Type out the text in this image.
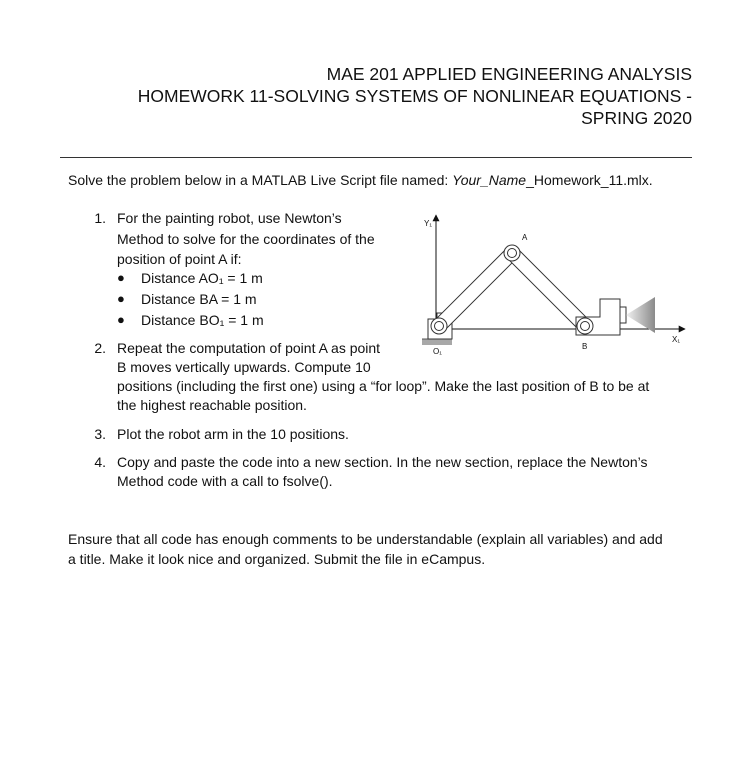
MAE 201 APPLIED ENGINEERING ANALYSIS
HOMEWORK 11-SOLVING SYSTEMS OF NONLINEAR EQUATIONS -
SPRING 2020
Solve the problem below in a MATLAB Live Script file named: Your_Name_Homework_11.mlx.
1. For the painting robot, use Newton’s
Method to solve for the coordinates of the
position of point A if:
● Distance AO₁ = 1 m
● Distance BA = 1 m
● Distance BO₁ = 1 m
2. Repeat the computation of point A as point
B moves vertically upwards. Compute 10
positions (including the first one) using a “for loop”. Make the last position of B to be at
the highest reachable position.
3. Plot the robot arm in the 10 positions.
4. Copy and paste the code into a new section. In the new section, replace the Newton’s
Method code with a call to fsolve().
Ensure that all code has enough comments to be understandable (explain all variables) and add
a title. Make it look nice and organized. Submit the file in eCampus.
Y₁
X₁
O₁
A
B
